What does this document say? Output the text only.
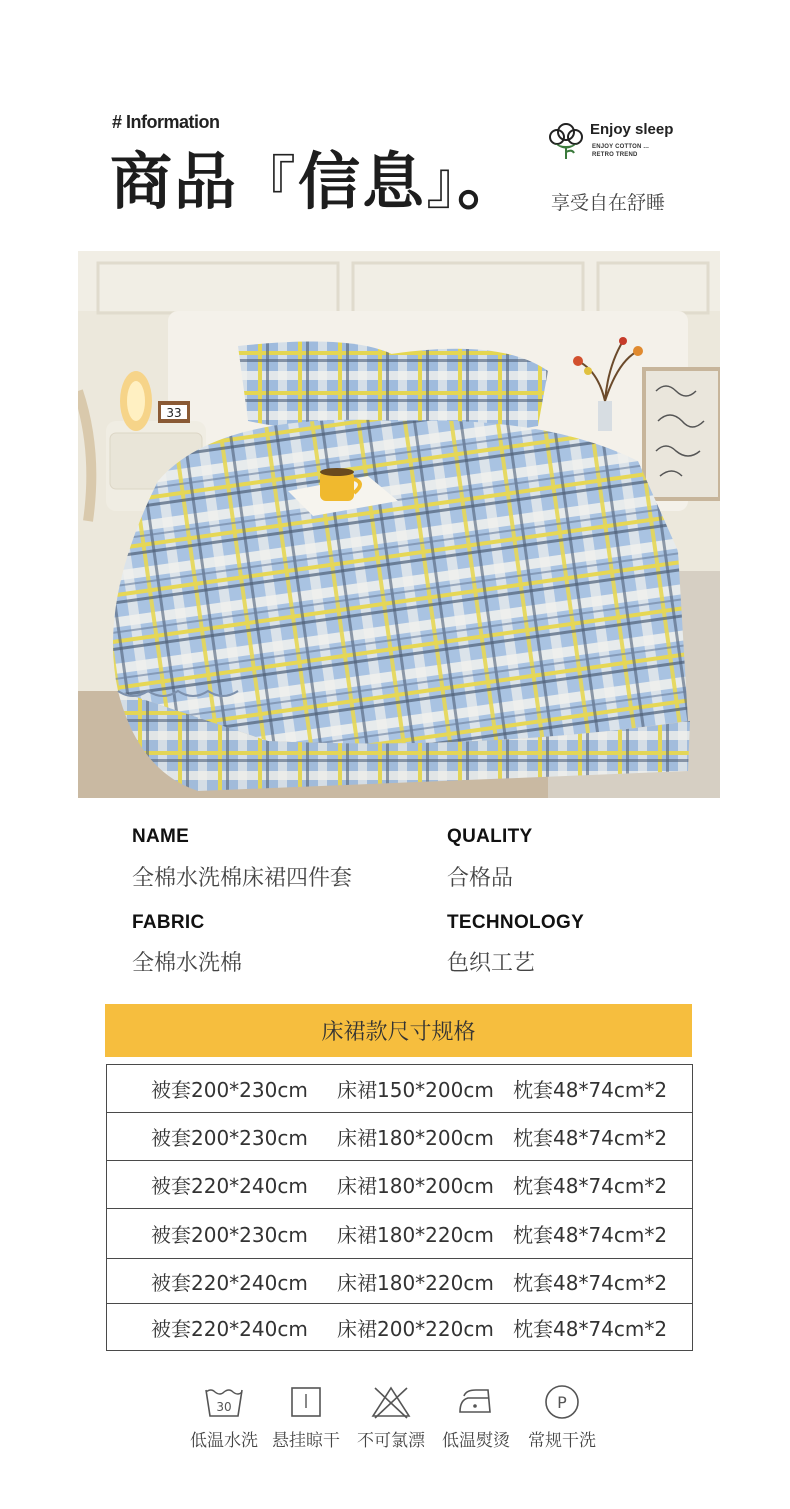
# Information
商品『信息』。
Enjoy sleep
ENJOY COTTON ...
RETRO TREND
享受自在舒睡
33
NAME
全棉水洗棉床裙四件套
QUALITY
合格品
FABRIC
全棉水洗棉
TECHNOLOGY
色织工艺
床裙款尺寸规格
被套200*230cm	床裙150*200cm 枕套48*74cm*2
被套200*230cm	床裙180*200cm 枕套48*74cm*2
被套220*240cm	床裙180*200cm 枕套48*74cm*2
被套200*230cm	床裙180*220cm 枕套48*74cm*2
被套220*240cm	床裙180*220cm 枕套48*74cm*2
被套220*240cm	床裙200*220cm 枕套48*74cm*2
30
低温水洗 悬挂晾干	不可氯漂	低温熨烫
P
常规干洗
